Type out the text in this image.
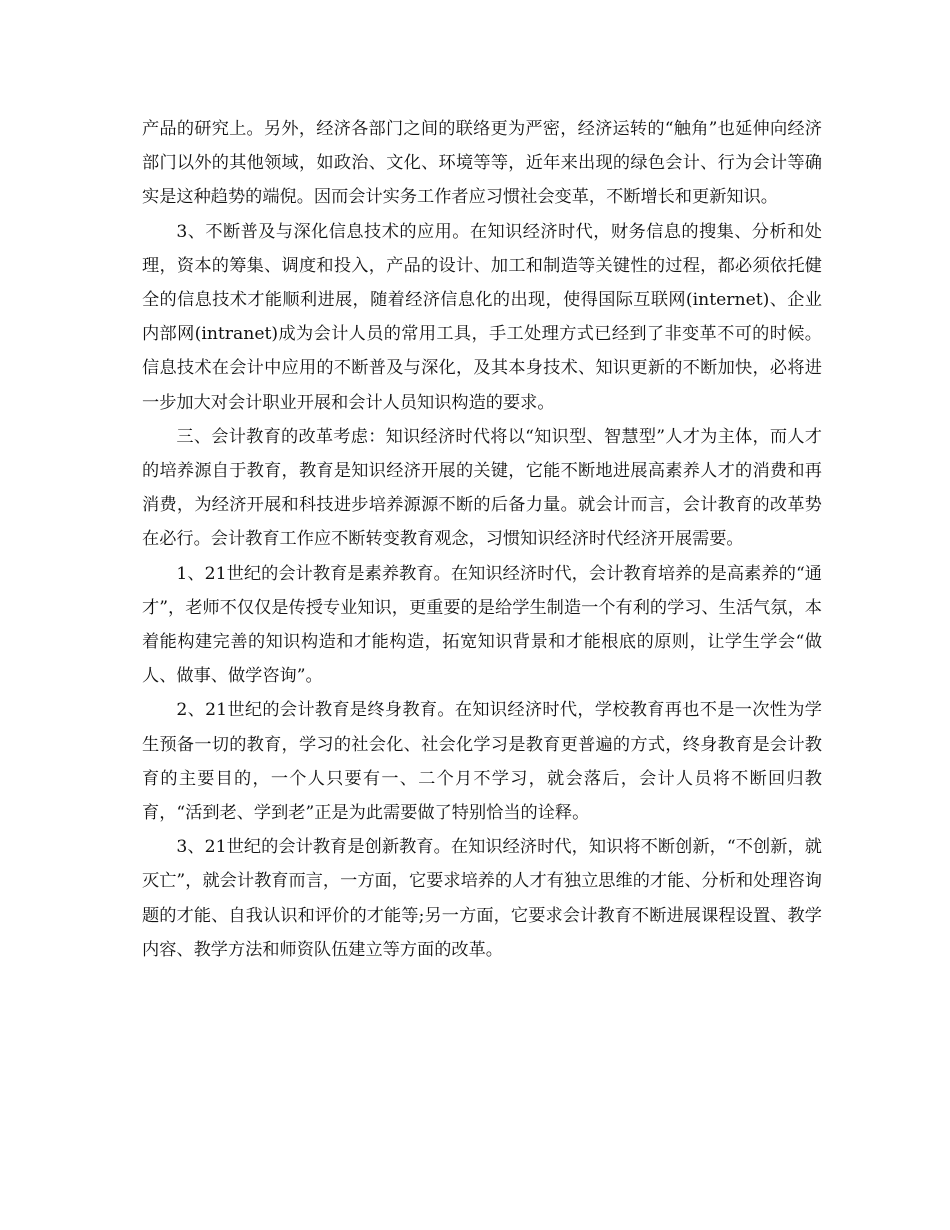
产品的研究上。另外，经济各部门之间的联络更为严密，经济运转的“触角”也延伸向经济部门以外的其他领域，如政治、文化、环境等等，近年来出现的绿色会计、行为会计等确实是这种趋势的端倪。因而会计实务工作者应习惯社会变革，不断增长和更新知识。

3、不断普及与深化信息技术的应用。在知识经济时代，财务信息的搜集、分析和处理，资本的筹集、调度和投入，产品的设计、加工和制造等关键性的过程，都必须依托健全的信息技术才能顺利进展，随着经济信息化的出现，使得国际互联网(internet)、企业内部网(intranet)成为会计人员的常用工具，手工处理方式已经到了非变革不可的时候。信息技术在会计中应用的不断普及与深化，及其本身技术、知识更新的不断加快，必将进一步加大对会计职业开展和会计人员知识构造的要求。

三、会计教育的改革考虑：知识经济时代将以“知识型、智慧型”人才为主体，而人才的培养源自于教育，教育是知识经济开展的关键，它能不断地进展高素养人才的消费和再消费，为经济开展和科技进步培养源源不断的后备力量。就会计而言，会计教育的改革势在必行。会计教育工作应不断转变教育观念，习惯知识经济时代经济开展需要。

1、21世纪的会计教育是素养教育。在知识经济时代，会计教育培养的是高素养的“通才”，老师不仅仅是传授专业知识，更重要的是给学生制造一个有利的学习、生活气氛，本着能构建完善的知识构造和才能构造，拓宽知识背景和才能根底的原则，让学生学会“做人、做事、做学咨询”。

2、21世纪的会计教育是终身教育。在知识经济时代，学校教育再也不是一次性为学生预备一切的教育，学习的社会化、社会化学习是教育更普遍的方式，终身教育是会计教育的主要目的，一个人只要有一、二个月不学习，就会落后，会计人员将不断回归教育，“活到老、学到老”正是为此需要做了特别恰当的诠释。

3、21世纪的会计教育是创新教育。在知识经济时代，知识将不断创新，“不创新，就灭亡”，就会计教育而言，一方面，它要求培养的人才有独立思维的才能、分析和处理咨询题的才能、自我认识和评价的才能等;另一方面，它要求会计教育不断进展课程设置、教学内容、教学方法和师资队伍建立等方面的改革。
